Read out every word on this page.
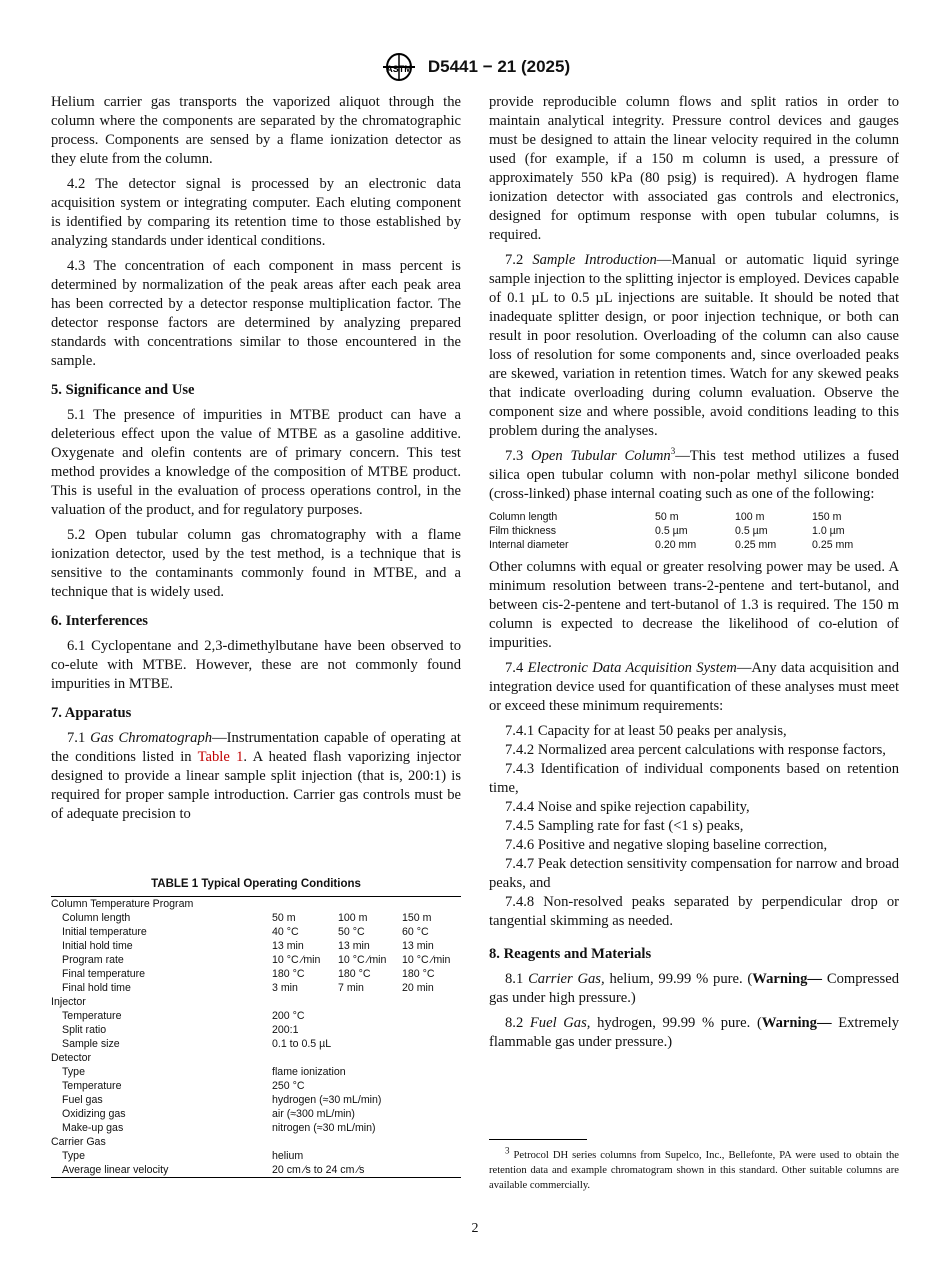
ASTM D5441 − 21 (2025)

Helium carrier gas transports the vaporized aliquot through the column where the components are separated by the chromatographic process. Components are sensed by a flame ionization detector as they elute from the column.

4.2 The detector signal is processed by an electronic data acquisition system or integrating computer. Each eluting component is identified by comparing its retention time to those established by analyzing standards under identical conditions.

4.3 The concentration of each component in mass percent is determined by normalization of the peak areas after each peak area has been corrected by a detector response multiplication factor. The detector response factors are determined by analyzing prepared standards with concentrations similar to those encountered in the sample.

5. Significance and Use

5.1 The presence of impurities in MTBE product can have a deleterious effect upon the value of MTBE as a gasoline additive. Oxygenate and olefin contents are of primary concern. This test method provides a knowledge of the composition of MTBE product. This is useful in the evaluation of process operations control, in the valuation of the product, and for regulatory purposes.

5.2 Open tubular column gas chromatography with a flame ionization detector, used by the test method, is a technique that is sensitive to the contaminants commonly found in MTBE, and a technique that is widely used.

6. Interferences

6.1 Cyclopentane and 2,3-dimethylbutane have been observed to co-elute with MTBE. However, these are not commonly found impurities in MTBE.

7. Apparatus

7.1 Gas Chromatograph—Instrumentation capable of operating at the conditions listed in Table 1. A heated flash vaporizing injector designed to provide a linear sample split injection (that is, 200:1) is required for proper sample introduction. Carrier gas controls must be of adequate precision to

TABLE 1 Typical Operating Conditions
Column Temperature Program			
Column length	50 m	100 m	150 m
Initial temperature	40 °C	50 °C	60 °C
Initial hold time	13 min	13 min	13 min
Program rate	10 °C ⁄min	10 °C ⁄min	10 °C ⁄min
Final temperature	180 °C	180 °C	180 °C
Final hold time	3 min	7 min	20 min
Injector			
Temperature	200 °C		
Split ratio	200:1		
Sample size	0.1 to 0.5 µL		
Detector			
Type	flame ionization		
Temperature	250 °C		
Fuel gas	hydrogen (≈30 mL/min)		
Oxidizing gas	air (≈300 mL/min)		
Make-up gas	nitrogen (≈30 mL/min)		
Carrier Gas			
Type	helium		
Average linear velocity	20 cm ⁄s to 24 cm ⁄s		

provide reproducible column flows and split ratios in order to maintain analytical integrity. Pressure control devices and gauges must be designed to attain the linear velocity required in the column used (for example, if a 150 m column is used, a pressure of approximately 550 kPa (80 psig) is required). A hydrogen flame ionization detector with associated gas controls and electronics, designed for optimum response with open tubular columns, is required.

7.2 Sample Introduction—Manual or automatic liquid syringe sample injection to the splitting injector is employed. Devices capable of 0.1 µL to 0.5 µL injections are suitable. It should be noted that inadequate splitter design, or poor injection technique, or both can result in poor resolution. Overloading of the column can also cause loss of resolution for some components and, since overloaded peaks are skewed, variation in retention times. Watch for any skewed peaks that indicate overloading during column evaluation. Observe the component size and where possible, avoid conditions leading to this problem during the analyses.

7.3 Open Tubular Column$^3$—This test method utilizes a fused silica open tubular column with non-polar methyl silicone bonded (cross-linked) phase internal coating such as one of the following:

Column length	50 m	100 m	150 m
Film thickness	0.5 µm	0.5 µm	1.0 µm
Internal diameter	0.20 mm	0.25 mm	0.25 mm

Other columns with equal or greater resolving power may be used. A minimum resolution between trans-2-pentene and tert-butanol, and between cis-2-pentene and tert-butanol of 1.3 is required. The 150 m column is expected to decrease the likelihood of co-elution of impurities.

7.4 Electronic Data Acquisition System—Any data acquisition and integration device used for quantification of these analyses must meet or exceed these minimum requirements:

7.4.1 Capacity for at least 50 peaks per analysis,

7.4.2 Normalized area percent calculations with response factors,

7.4.3 Identification of individual components based on retention time,

7.4.4 Noise and spike rejection capability,

7.4.5 Sampling rate for fast (<1 s) peaks,

7.4.6 Positive and negative sloping baseline correction,

7.4.7 Peak detection sensitivity compensation for narrow and broad peaks, and

7.4.8 Non-resolved peaks separated by perpendicular drop or tangential skimming as needed.

8. Reagents and Materials

8.1 Carrier Gas, helium, 99.99 % pure. (Warning— Compressed gas under high pressure.)

8.2 Fuel Gas, hydrogen, 99.99 % pure. (Warning— Extremely flammable gas under pressure.)

$^3$ Petrocol DH series columns from Supelco, Inc., Bellefonte, PA were used to obtain the retention data and example chromatogram shown in this standard. Other suitable columns are available commercially.
2
